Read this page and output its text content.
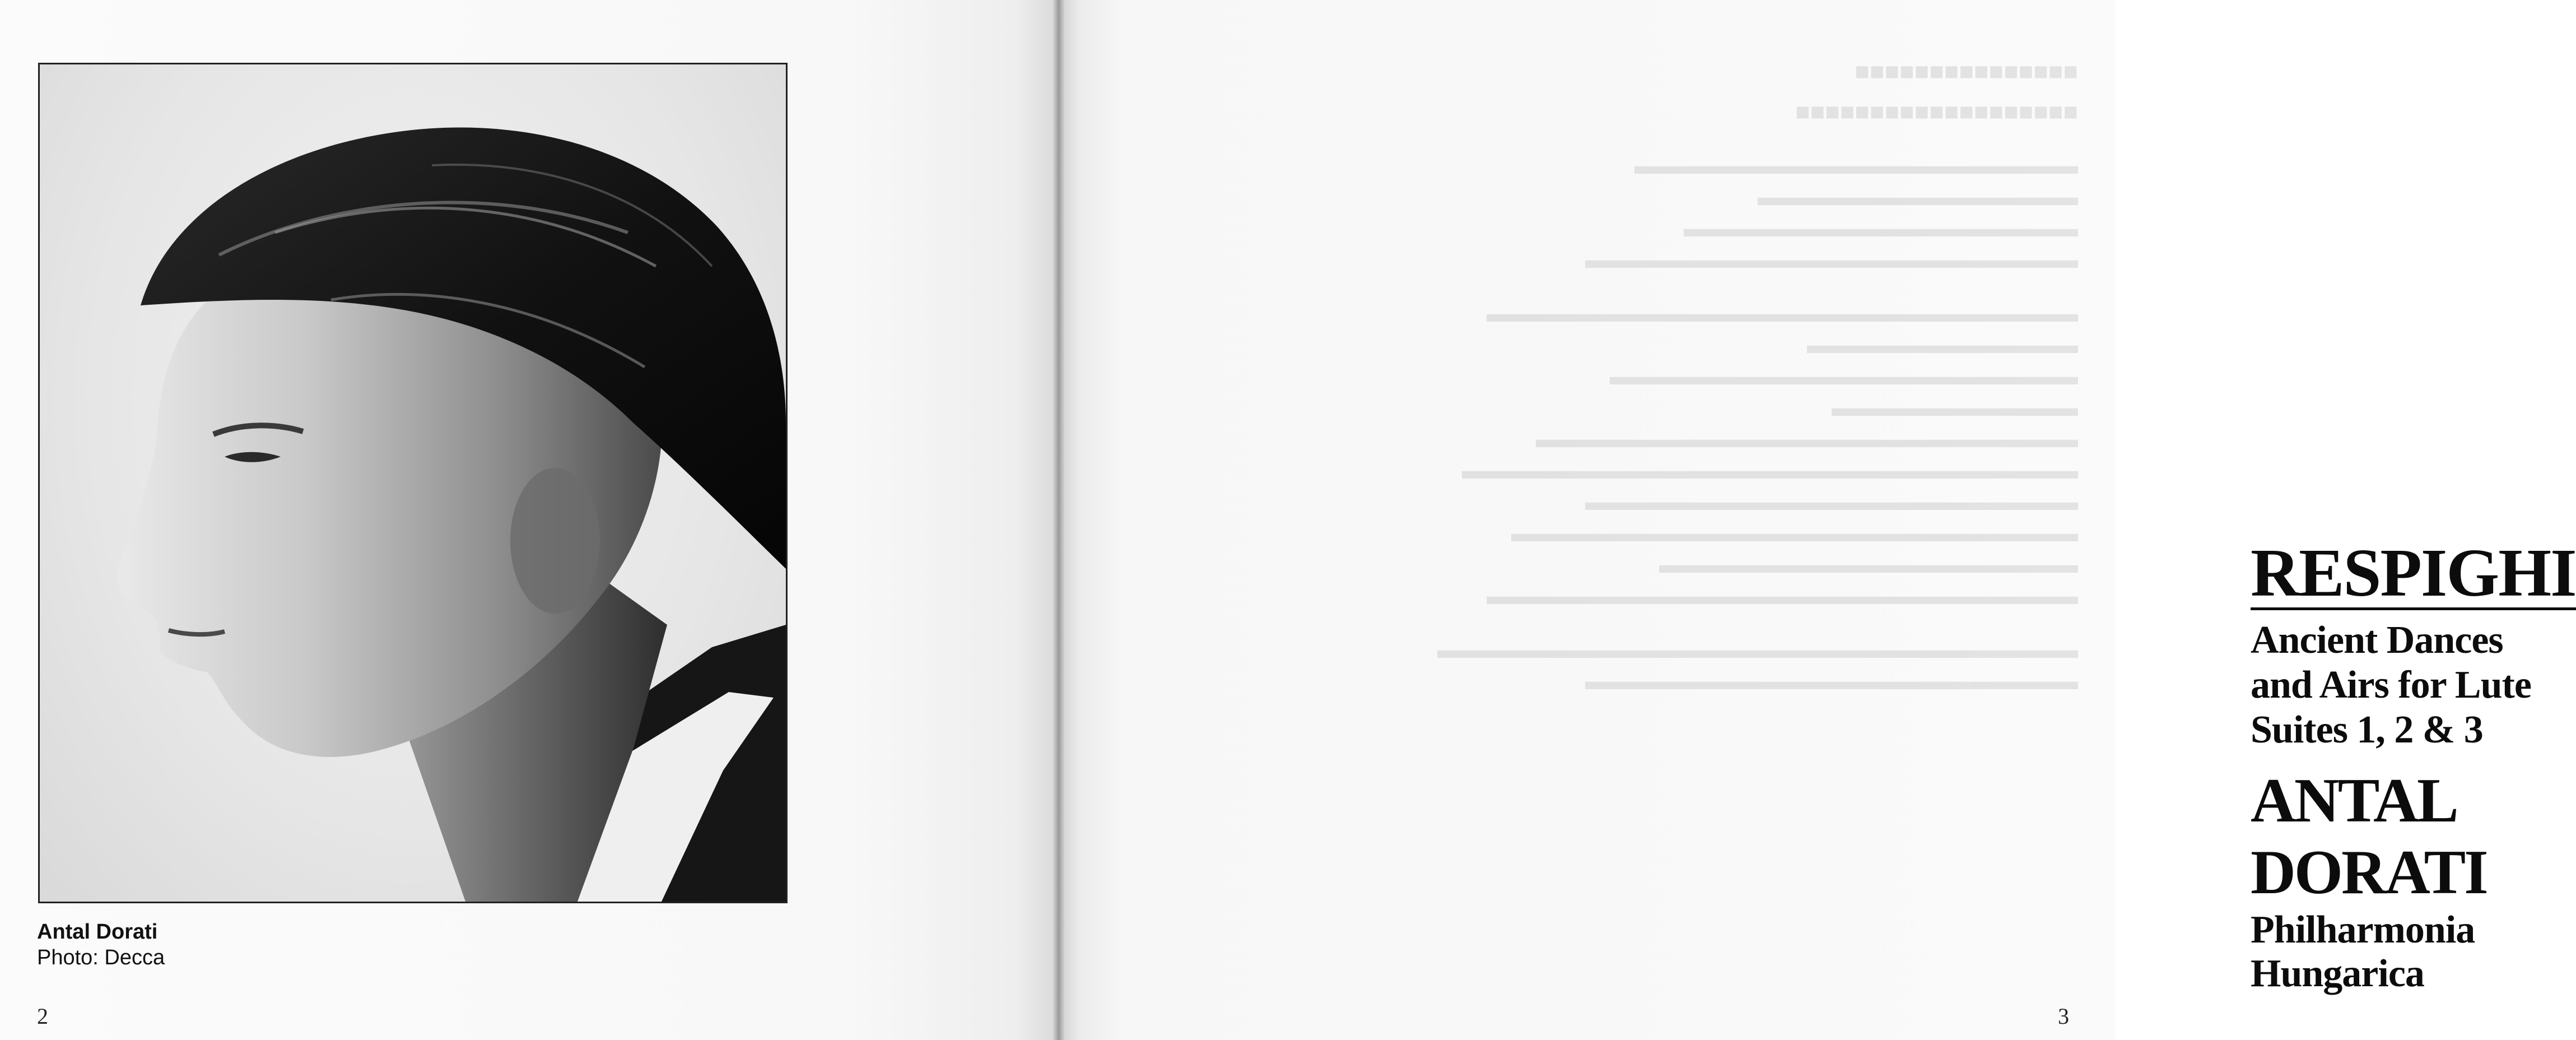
Antal Dorati
Photo: Decca
2
■■■■■■■■■■■■■■■
■■■■■■■■■■■■■■■■■■■
▬▬▬▬▬▬▬▬▬▬▬▬▬▬▬▬▬▬
▬▬▬▬▬▬▬▬▬▬▬▬▬
▬▬▬▬▬▬▬▬▬▬▬▬▬▬▬▬
▬▬▬▬▬▬▬▬▬▬▬▬▬▬▬▬▬▬▬▬
▬▬▬▬▬▬▬▬▬▬▬▬▬▬▬▬▬▬▬▬▬▬▬▬
▬▬▬▬▬▬▬▬▬▬▬
▬▬▬▬▬▬▬▬▬▬▬▬▬▬▬▬▬▬▬
▬▬▬▬▬▬▬▬▬▬
▬▬▬▬▬▬▬▬▬▬▬▬▬▬▬▬▬▬▬▬▬▬
▬▬▬▬▬▬▬▬▬▬▬▬▬▬▬▬▬▬▬▬▬▬▬▬▬
▬▬▬▬▬▬▬▬▬▬▬▬▬▬▬▬▬▬▬▬
▬▬▬▬▬▬▬▬▬▬▬▬▬▬▬▬▬▬▬▬▬▬▬
▬▬▬▬▬▬▬▬▬▬▬▬▬▬▬▬▬
▬▬▬▬▬▬▬▬▬▬▬▬▬▬▬▬▬▬▬▬▬▬▬▬
▬▬▬▬▬▬▬▬▬▬▬▬▬▬▬▬▬▬▬▬▬▬▬▬▬▬
▬▬▬▬▬▬▬▬▬▬▬▬▬▬▬▬▬▬▬▬
RESPIGHI
Ancient Dances
and Airs for Lute
Suites 1, 2 & 3
ANTAL DORATI
Philharmonia Hungarica
3
